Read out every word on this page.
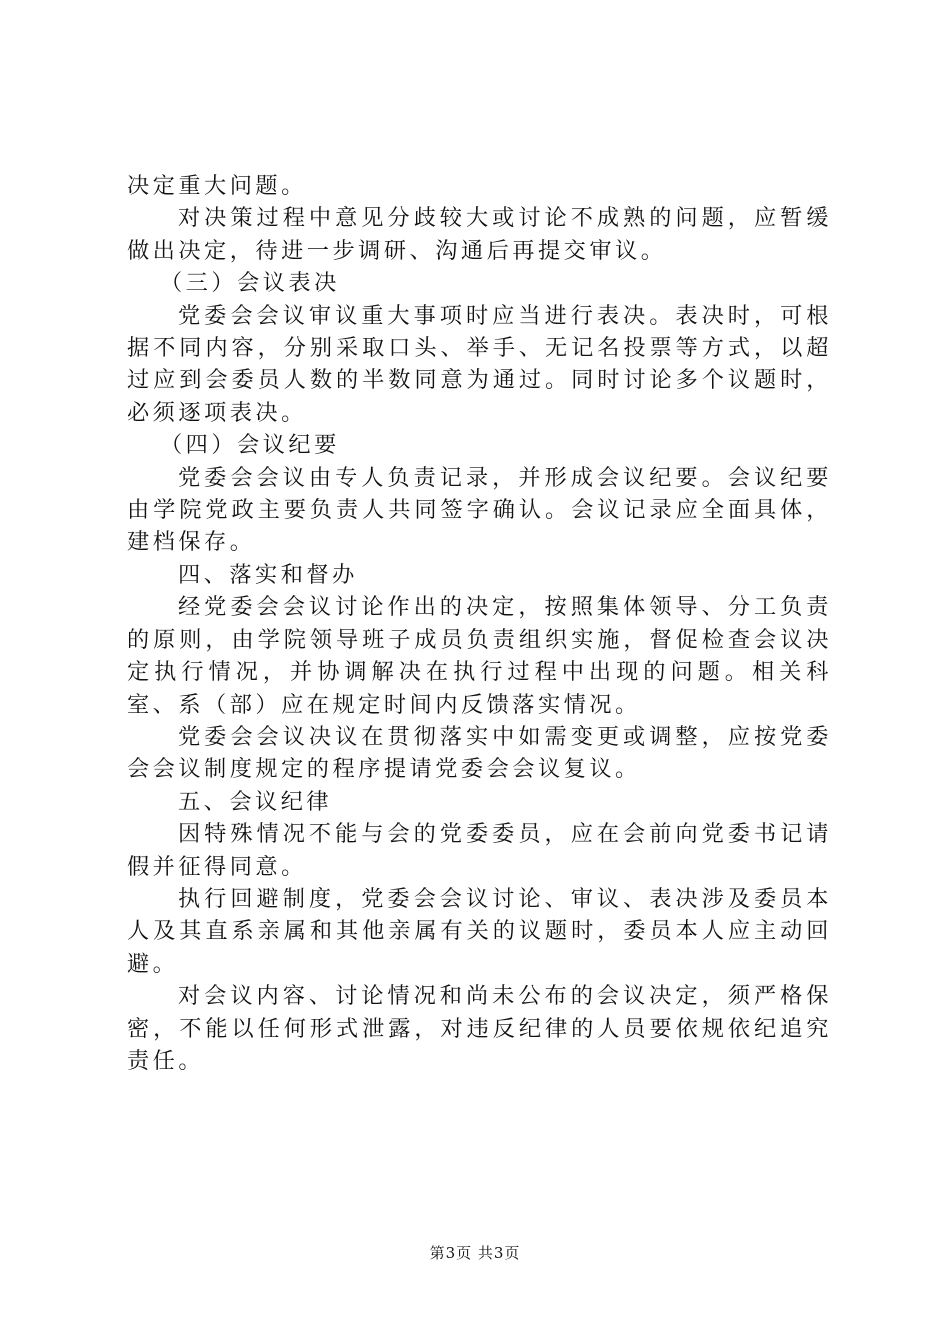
决定重大问题。

对决策过程中意见分歧较大或讨论不成熟的问题，应暂缓做出决定，待进一步调研、沟通后再提交审议。

（三）会议表决

党委会会议审议重大事项时应当进行表决。表决时，可根据不同内容，分别采取口头、举手、无记名投票等方式，以超过应到会委员人数的半数同意为通过。同时讨论多个议题时，必须逐项表决。

（四）会议纪要

党委会会议由专人负责记录，并形成会议纪要。会议纪要由学院党政主要负责人共同签字确认。会议记录应全面具体，建档保存。

四、落实和督办

经党委会会议讨论作出的决定，按照集体领导、分工负责的原则，由学院领导班子成员负责组织实施，督促检查会议决定执行情况，并协调解决在执行过程中出现的问题。相关科室、系（部）应在规定时间内反馈落实情况。

党委会会议决议在贯彻落实中如需变更或调整，应按党委会会议制度规定的程序提请党委会会议复议。

五、会议纪律

因特殊情况不能与会的党委委员，应在会前向党委书记请假并征得同意。

执行回避制度，党委会会议讨论、审议、表决涉及委员本人及其直系亲属和其他亲属有关的议题时，委员本人应主动回避。

对会议内容、讨论情况和尚未公布的会议决定，须严格保密，不能以任何形式泄露，对违反纪律的人员要依规依纪追究责任。

第3页 共3页
